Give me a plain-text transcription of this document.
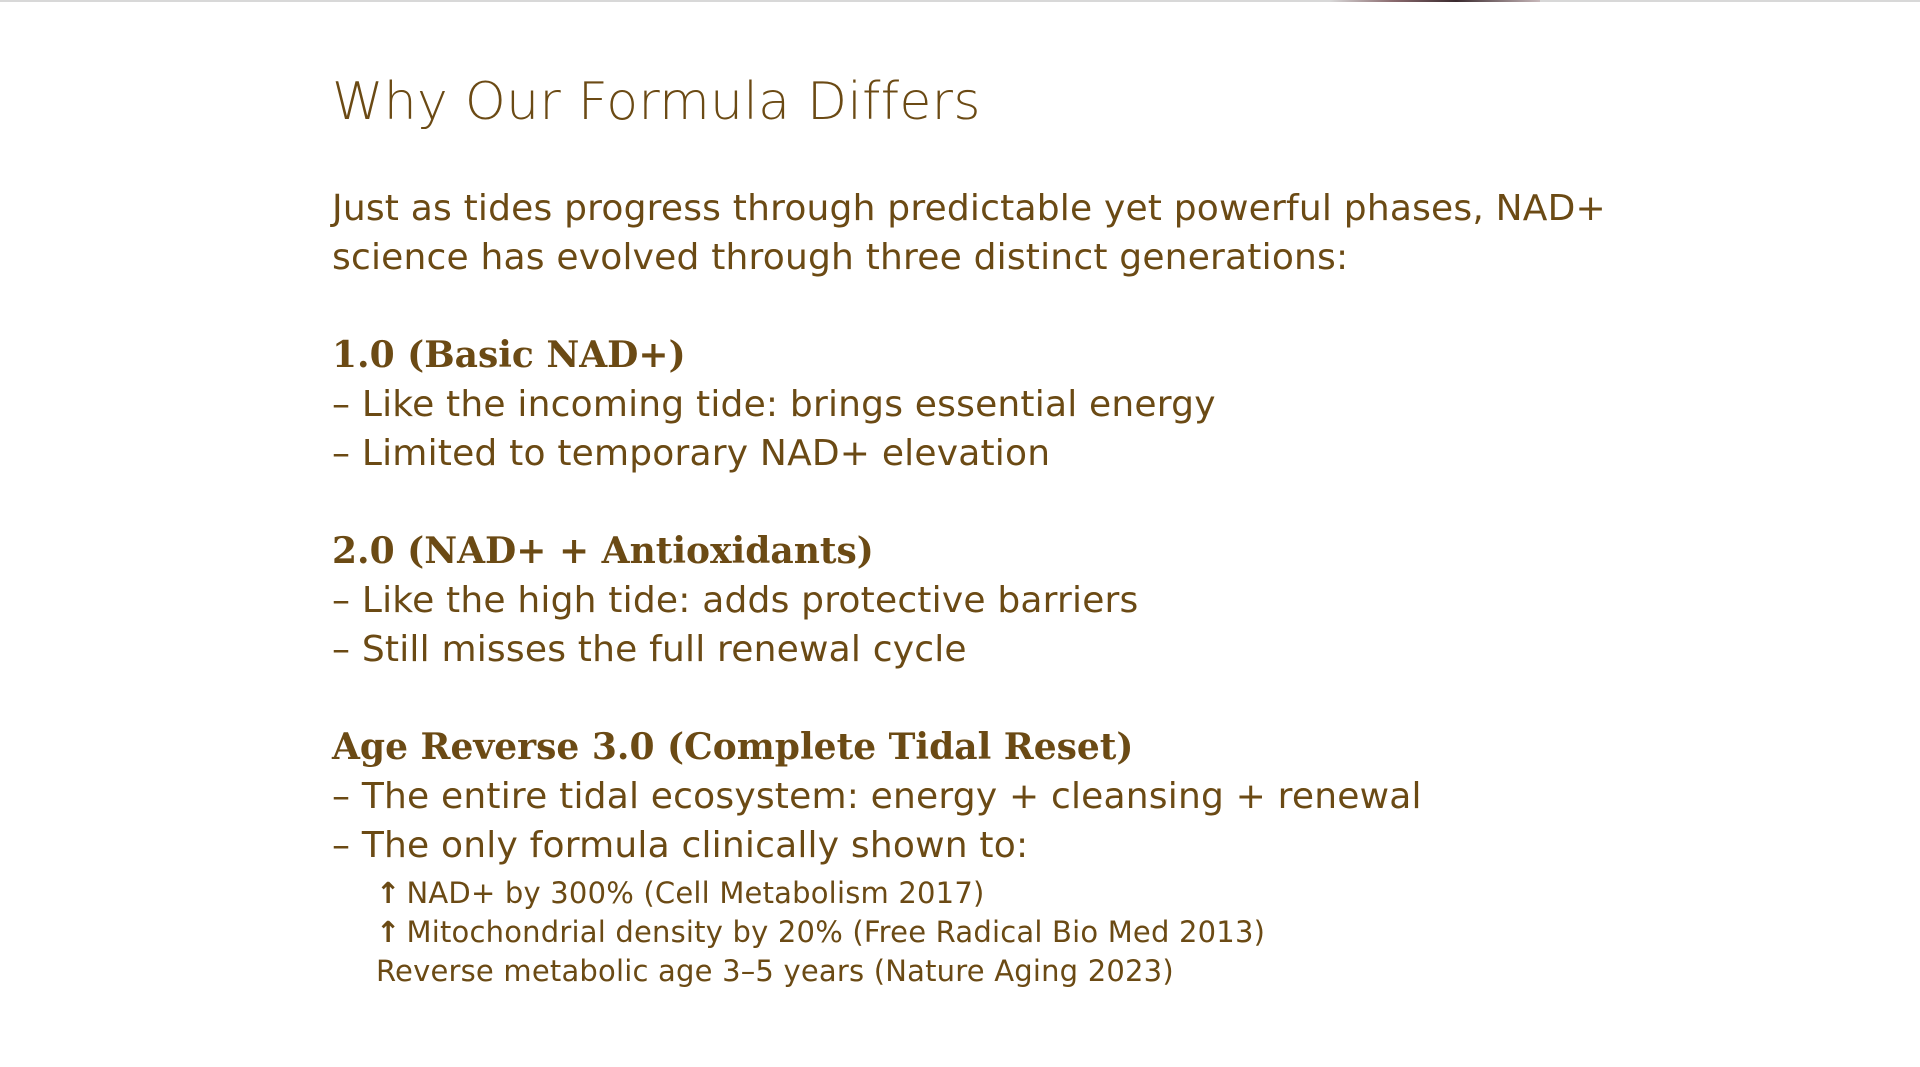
Why Our Formula Differs

Just as tides progress through predictable yet powerful phases, NAD+

science has evolved through three distinct generations:

1.0 (Basic NAD+)

– Like the incoming tide: brings essential energy

– Limited to temporary NAD+ elevation

2.0 (NAD+ + Antioxidants)

– Like the high tide: adds protective barriers

– Still misses the full renewal cycle

Age Reverse 3.0 (Complete Tidal Reset)

– The entire tidal ecosystem: energy + cleansing + renewal

– The only formula clinically shown to:

↑ NAD+ by 300% (Cell Metabolism 2017)

↑ Mitochondrial density by 20% (Free Radical Bio Med 2013)

Reverse metabolic age 3–5 years (Nature Aging 2023)
